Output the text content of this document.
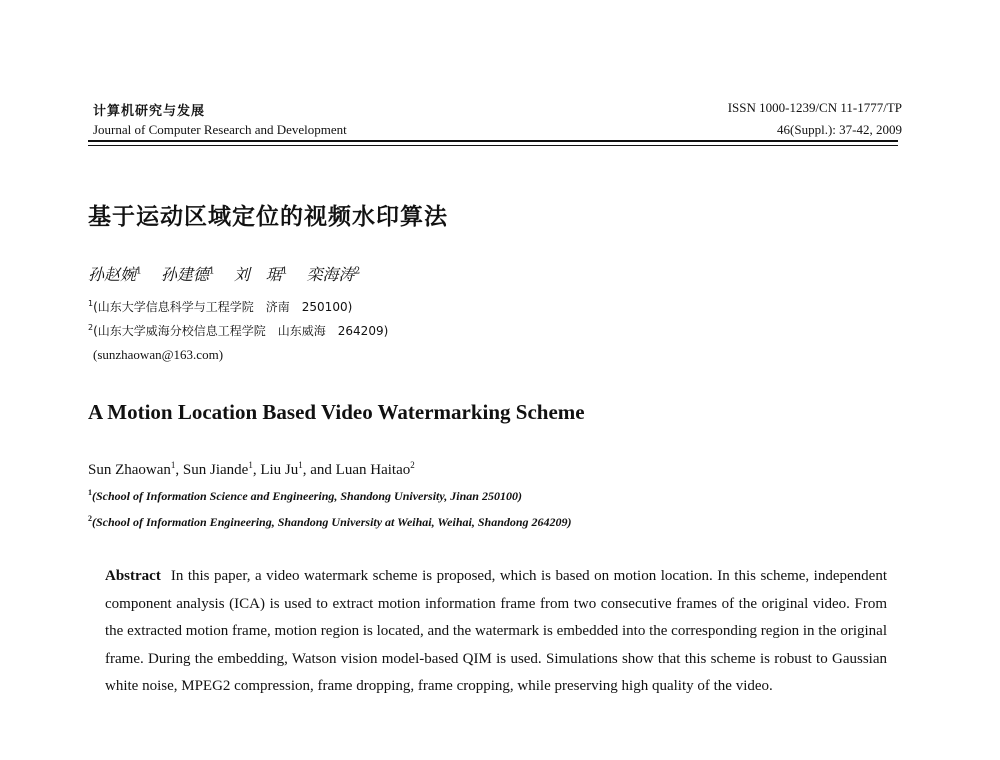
计算机研究与发展
Journal of Computer Research and Development
ISSN 1000-1239/CN 11-1777/TP
46(Suppl.): 37-42, 2009
基于运动区域定位的视频水印算法
孙赵婉$^1$ 孙建德$^1$ 刘　琚$^1$ 栾海涛$^2$
$^1$(山东大学信息科学与工程学院　济南　250100)
$^2$(山东大学威海分校信息工程学院　山东威海　264209)
(sunzhaowan@163.com)
A Motion Location Based Video Watermarking Scheme
Sun Zhaowan$^1$, Sun Jiande$^1$, Liu Ju$^1$, and Luan Haitao$^2$
$^1$(School of Information Science and Engineering, Shandong University, Jinan 250100)
$^2$(School of Information Engineering, Shandong University at Weihai, Weihai, Shandong 264209)
Abstract In this paper, a video watermark scheme is proposed, which is based on motion location. In this scheme, independent component analysis (ICA) is used to extract motion information frame from two consecutive frames of the original video. From the extracted motion frame, motion region is located, and the watermark is embedded into the corresponding region in the original frame. During the embedding, Watson vision model-based QIM is used. Simulations show that this scheme is robust to Gaussian white noise, MPEG2 compression, frame dropping, frame cropping, while preserving high quality of the video.
